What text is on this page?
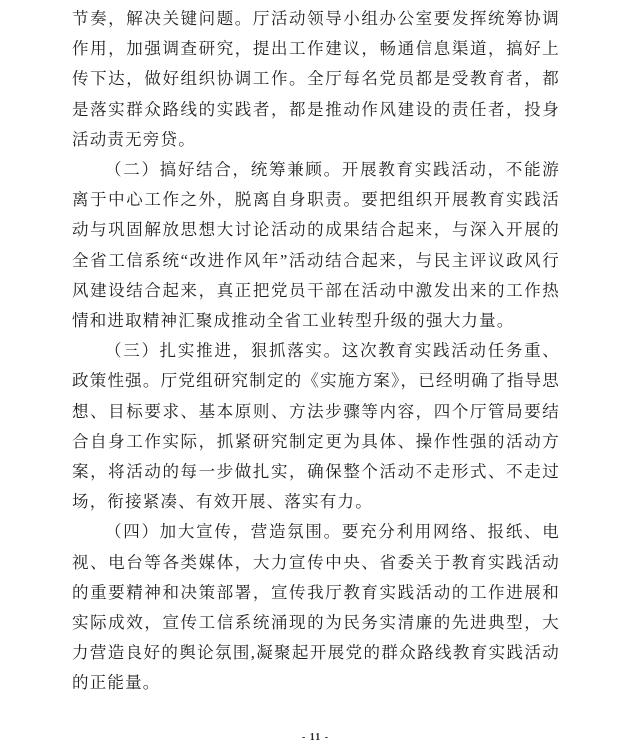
节奏，解决关键问题。厅活动领导小组办公室要发挥统筹协调作用，加强调查研究，提出工作建议，畅通信息渠道，搞好上传下达，做好组织协调工作。全厅每名党员都是受教育者，都是落实群众路线的实践者，都是推动作风建设的责任者，投身活动责无旁贷。

（二）搞好结合，统筹兼顾。开展教育实践活动，不能游离于中心工作之外，脱离自身职责。要把组织开展教育实践活动与巩固解放思想大讨论活动的成果结合起来，与深入开展的全省工信系统“改进作风年”活动结合起来，与民主评议政风行风建设结合起来，真正把党员干部在活动中激发出来的工作热情和进取精神汇聚成推动全省工业转型升级的强大力量。

（三）扎实推进，狠抓落实。这次教育实践活动任务重、政策性强。厅党组研究制定的《实施方案》，已经明确了指导思想、目标要求、基本原则、方法步骤等内容，四个厅管局要结合自身工作实际，抓紧研究制定更为具体、操作性强的活动方案，将活动的每一步做扎实，确保整个活动不走形式、不走过场，衔接紧凑、有效开展、落实有力。

（四）加大宣传，营造氛围。要充分利用网络、报纸、电视、电台等各类媒体，大力宣传中央、省委关于教育实践活动的重要精神和决策部署，宣传我厅教育实践活动的工作进展和实际成效，宣传工信系统涌现的为民务实清廉的先进典型，大力营造良好的舆论氛围,凝聚起开展党的群众路线教育实践活动的正能量。

- 11 -
